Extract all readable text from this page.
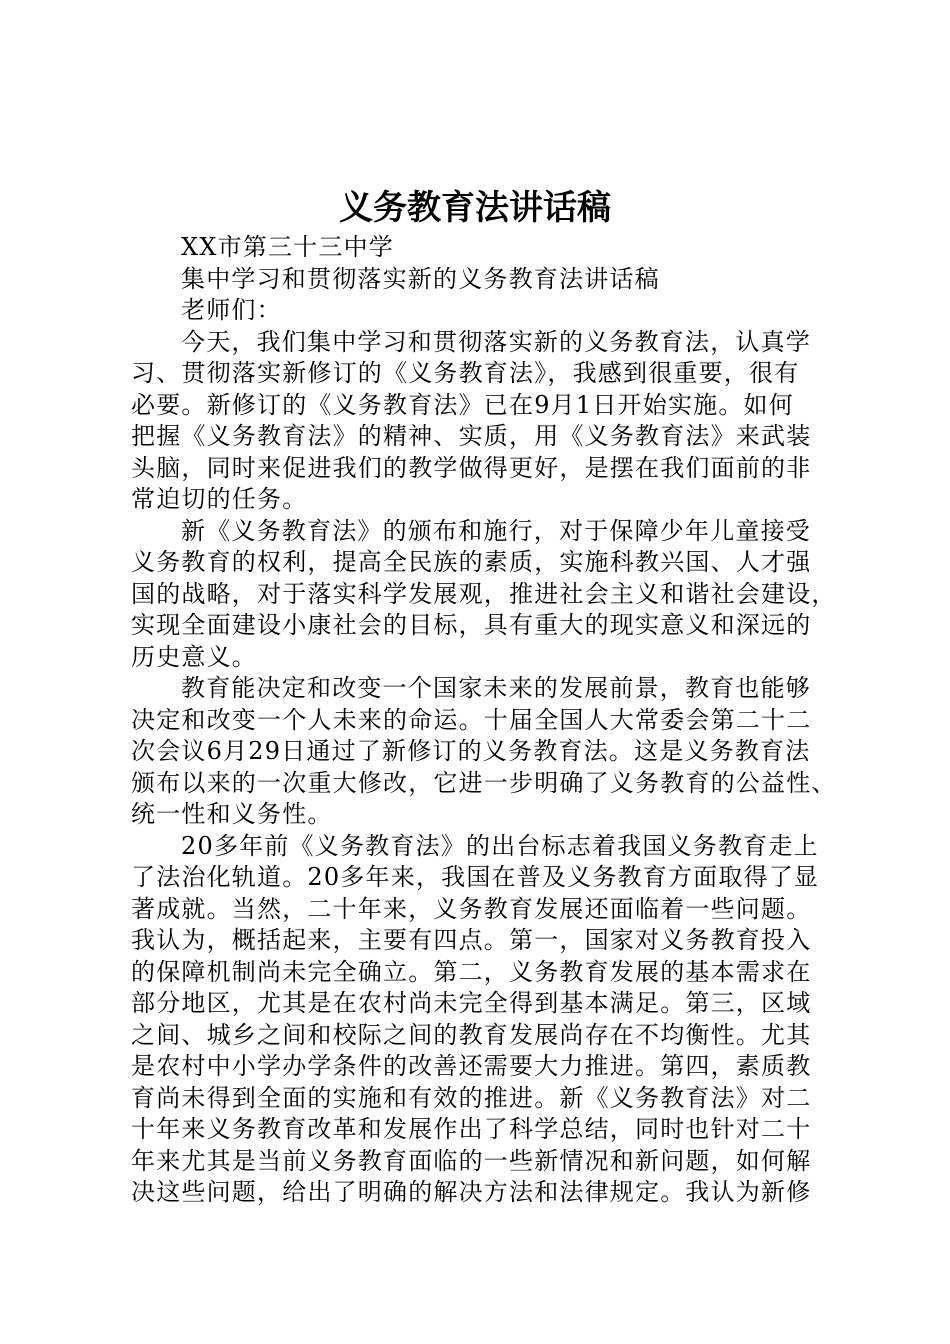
义务教育法讲话稿
XX市第三十三中学
集中学习和贯彻落实新的义务教育法讲话稿
老师们：
今天，我们集中学习和贯彻落实新的义务教育法，认真学
习、贯彻落实新修订的《义务教育法》，我感到很重要，很有
必要。新修订的《义务教育法》已在9月1日开始实施。如何
把握《义务教育法》的精神、实质，用《义务教育法》来武装
头脑，同时来促进我们的教学做得更好，是摆在我们面前的非
常迫切的任务。
新《义务教育法》的颁布和施行，对于保障少年儿童接受
义务教育的权利，提高全民族的素质，实施科教兴国、人才强
国的战略，对于落实科学发展观，推进社会主义和谐社会建设，
实现全面建设小康社会的目标，具有重大的现实意义和深远的
历史意义。
教育能决定和改变一个国家未来的发展前景，教育也能够
决定和改变一个人未来的命运。十届全国人大常委会第二十二
次会议6月29日通过了新修订的义务教育法。这是义务教育法
颁布以来的一次重大修改，它进一步明确了义务教育的公益性、
统一性和义务性。
20多年前《义务教育法》的出台标志着我国义务教育走上
了法治化轨道。20多年来，我国在普及义务教育方面取得了显
著成就。当然，二十年来，义务教育发展还面临着一些问题。
我认为，概括起来，主要有四点。第一，国家对义务教育投入
的保障机制尚未完全确立。第二，义务教育发展的基本需求在
部分地区，尤其是在农村尚未完全得到基本满足。第三，区域
之间、城乡之间和校际之间的教育发展尚存在不均衡性。尤其
是农村中小学办学条件的改善还需要大力推进。第四，素质教
育尚未得到全面的实施和有效的推进。新《义务教育法》对二
十年来义务教育改革和发展作出了科学总结，同时也针对二十
年来尤其是当前义务教育面临的一些新情况和新问题，如何解
决这些问题，给出了明确的解决方法和法律规定。我认为新修
